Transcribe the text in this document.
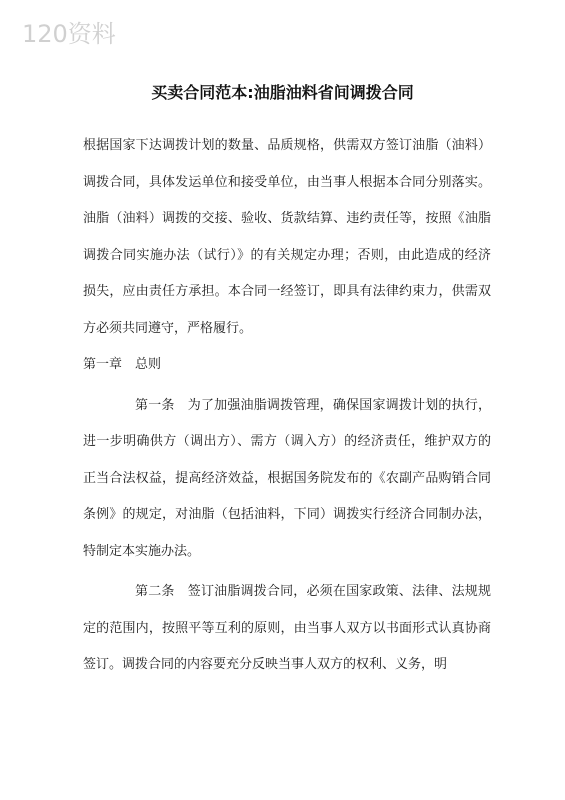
120资料
买卖合同范本:油脂油料省间调拨合同

根据国家下达调拨计划的数量、品质规格，供需双方签订油脂（油料）调拨合同，具体发运单位和接受单位，由当事人根据本合同分别落实。油脂（油料）调拨的交接、验收、货款结算、违约责任等，按照《油脂调拨合同实施办法（试行）》的有关规定办理；否则，由此造成的经济损失，应由责任方承担。本合同一经签订，即具有法律约束力，供需双方必须共同遵守，严格履行。

第一章　总则

第一条　为了加强油脂调拨管理，确保国家调拨计划的执行，进一步明确供方（调出方）、需方（调入方）的经济责任，维护双方的正当合法权益，提高经济效益，根据国务院发布的《农副产品购销合同条例》的规定，对油脂（包括油料，下同）调拨实行经济合同制办法，特制定本实施办法。

第二条　签订油脂调拨合同，必须在国家政策、法律、法规规定的范围内，按照平等互利的原则，由当事人双方以书面形式认真协商签订。调拨合同的内容要充分反映当事人双方的权利、义务，明
